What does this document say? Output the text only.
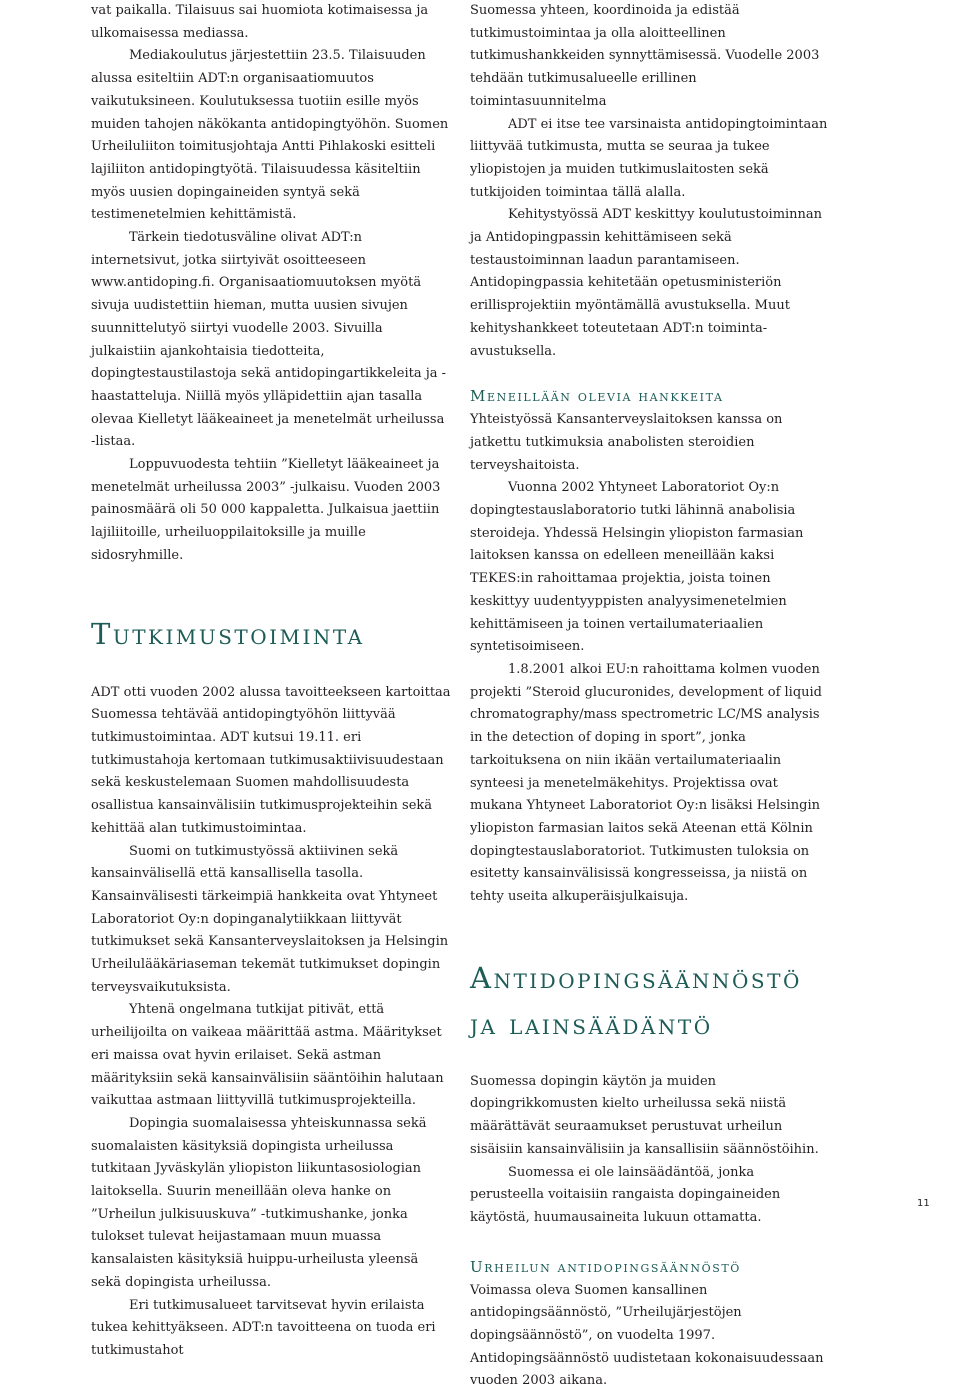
vat paikalla. Tilaisuus sai huomiota kotimaisessa ja ulkomaisessa mediassa.

Mediakoulutus järjestettiin 23.5. Tilaisuuden alussa esiteltiin ADT:n organisaatiomuutos vaikutuksineen. Koulutuksessa tuotiin esille myös muiden tahojen näkökanta antidopingtyöhön. Suomen Urheiluliiton toimitusjohtaja Antti Pihlakoski esitteli lajiliiton antidopingtyötä. Tilaisuudessa käsiteltiin myös uusien dopingaineiden syntyä sekä testimenetelmien kehittämistä.

Tärkein tiedotusväline olivat ADT:n internetsivut, jotka siirtyivät osoitteeseen www.antidoping.fi. Organisaatiomuutoksen myötä sivuja uudistettiin hieman, mutta uusien sivujen suunnittelutyö siirtyi vuodelle 2003. Sivuilla julkaistiin ajankohtaisia tiedotteita, dopingtestaustilastoja sekä antidopingartikkeleita ja -haastatteluja. Niillä myös ylläpidettiin ajan tasalla olevaa Kielletyt lääkeaineet ja menetelmät urheilussa -listaa.

Loppuvuodesta tehtiin ”Kielletyt lääkeaineet ja menetelmät urheilussa 2003” -julkaisu. Vuoden 2003 painosmäärä oli 50 000 kappaletta. Julkaisua jaettiin lajiliitoille, urheiluoppilaitoksille ja muille sidosryhmille.

Tutkimustoiminta

ADT otti vuoden 2002 alussa tavoitteekseen kartoittaa Suomessa tehtävää antidopingtyöhön liittyvää tutkimustoimintaa. ADT kutsui 19.11. eri tutkimustahoja kertomaan tutkimusaktiivisuudestaan sekä keskustelemaan Suomen mahdollisuudesta osallistua kansainvälisiin tutkimusprojekteihin sekä kehittää alan tutkimustoimintaa.

Suomi on tutkimustyössä aktiivinen sekä kansainvälisellä että kansallisella tasolla. Kansainvälisesti tärkeimpiä hankkeita ovat Yhtyneet Laboratoriot Oy:n dopinganalytiikkaan liittyvät tutkimukset sekä Kansanterveyslaitoksen ja Helsingin Urheilulääkäriaseman tekemät tutkimukset dopingin terveysvaikutuksista.

Yhtenä ongelmana tutkijat pitivät, että urheilijoilta on vaikeaa määrittää astma. Määritykset eri maissa ovat hyvin erilaiset. Sekä astman määrityksiin sekä kansainvälisiin sääntöihin halutaan vaikuttaa astmaan liittyvillä tutkimusprojekteilla.

Dopingia suomalaisessa yhteiskunnassa sekä suomalaisten käsityksiä dopingista urheilussa tutkitaan Jyväskylän yliopiston liikuntasosiologian laitoksella. Suurin meneillään oleva hanke on ”Urheilun julkisuuskuva” -tutkimushanke, jonka tulokset tulevat heijastamaan muun muassa kansalaisten käsityksiä huippu-urheilusta yleensä sekä dopingista urheilussa.

Eri tutkimusalueet tarvitsevat hyvin erilaista tukea kehittyäkseen. ADT:n tavoitteena on tuoda eri tutkimustahot

Suomessa yhteen, koordinoida ja edistää tutkimustoimintaa ja olla aloitteellinen tutkimushankkeiden synnyttämisessä. Vuodelle 2003 tehdään tutkimusalueelle erillinen toimintasuunnitelma

ADT ei itse tee varsinaista antidopingtoimintaan liittyvää tutkimusta, mutta se seuraa ja tukee yliopistojen ja muiden tutkimuslaitosten sekä tutkijoiden toimintaa tällä alalla.

Kehitystyössä ADT keskittyy koulutustoiminnan ja Antidopingpassin kehittämiseen sekä testaustoiminnan laadun parantamiseen. Antidopingpassia kehitetään opetusministeriön erillisprojektiin myöntämällä avustuksella. Muut kehityshankkeet toteutetaan ADT:n toiminta-avustuksella.

Meneillään olevia hankkeita

Yhteistyössä Kansanterveyslaitoksen kanssa on jatkettu tutkimuksia anabolisten steroidien terveyshaitoista.

Vuonna 2002 Yhtyneet Laboratoriot Oy:n dopingtestauslaboratorio tutki lähinnä anabolisia steroideja. Yhdessä Helsingin yliopiston farmasian laitoksen kanssa on edelleen meneillään kaksi TEKES:in rahoittamaa projektia, joista toinen keskittyy uudentyyppisten analyysimenetelmien kehittämiseen ja toinen vertailumateriaalien syntetisoimiseen.

1.8.2001 alkoi EU:n rahoittama kolmen vuoden projekti ”Steroid glucuronides, development of liquid chromatography/mass spectrometric LC/MS analysis in the detection of doping in sport”, jonka tarkoituksena on niin ikään vertailumateriaalin synteesi ja menetelmäkehitys. Projektissa ovat mukana Yhtyneet Laboratoriot Oy:n lisäksi Helsingin yliopiston farmasian laitos sekä Ateenan että Kölnin dopingtestauslaboratoriot. Tutkimusten tuloksia on esitetty kansainvälisissä kongresseissa, ja niistä on tehty useita alkuperäisjulkaisuja.

Antidopingsäännöstö
ja lainsäädäntö

Suomessa dopingin käytön ja muiden dopingrikkomusten kielto urheilussa sekä niistä määrättävät seuraamukset perustuvat urheilun sisäisiin kansainvälisiin ja kansallisiin säännöstöihin.

Suomessa ei ole lainsäädäntöä, jonka perusteella voitaisiin rangaista dopingaineiden käytöstä, huumausaineita lukuun ottamatta.

Urheilun antidopingsäännöstö

Voimassa oleva Suomen kansallinen antidopingsäännöstö, ”Urheilujärjestöjen dopingsäännöstö”, on vuodelta 1997. Antidopingsäännöstö uudistetaan kokonaisuudessaan vuoden 2003 aikana.

11
